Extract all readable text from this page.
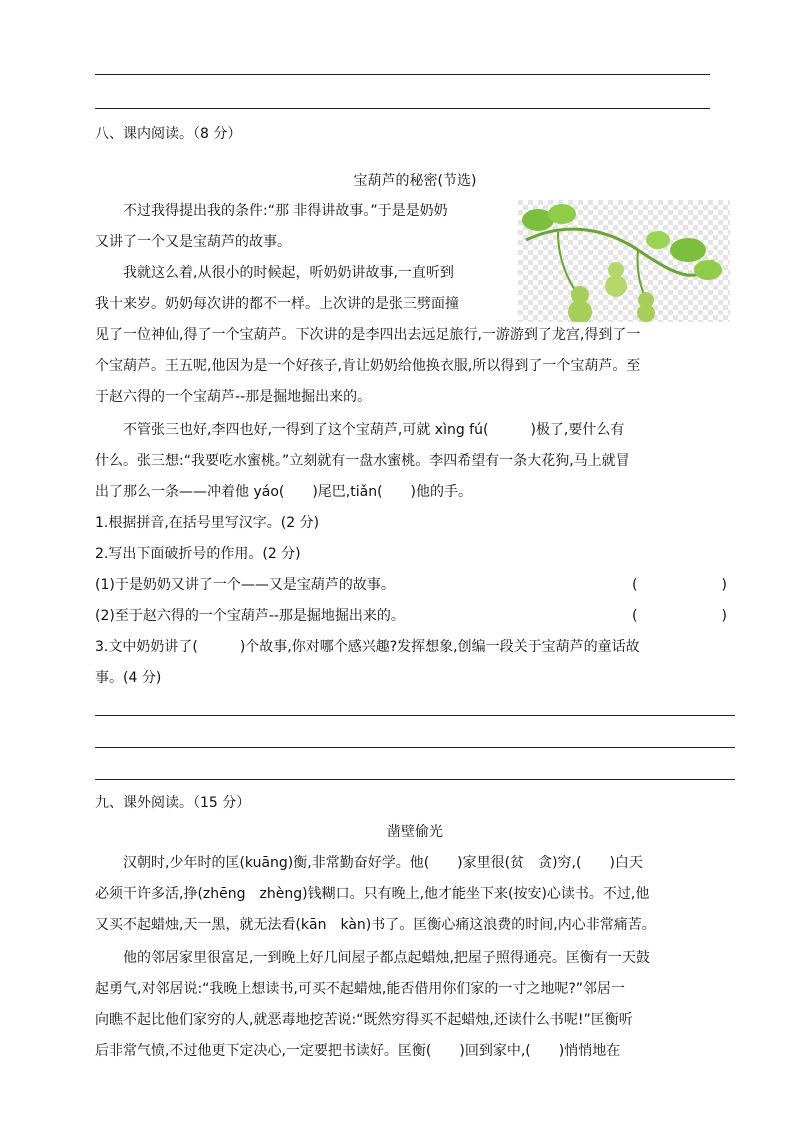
八、课内阅读。（8 分）
宝葫芦的秘密(节选)
　　不过我得提出我的条件:“那 非得讲故事。”于是是奶奶
又讲了一个又是宝葫芦的故事。
　　我就这么着,从很小的时候起，听奶奶讲故事,一直听到
我十来岁。奶奶每次讲的都不一样。上次讲的是张三劈面撞
见了一位神仙,得了一个宝葫芦。下次讲的是李四出去远足旅行,一游游到了龙宫,得到了一
个宝葫芦。王五呢,他因为是一个好孩子,肯让奶奶给他换衣服,所以得到了一个宝葫芦。至
于赵六得的一个宝葫芦--那是掘地掘出来的。
　　不管张三也好,李四也好,一得到了这个宝葫芦,可就 xìng fú(　　　)极了,要什么有
什么。张三想:“我要吃水蜜桃。”立刻就有一盘水蜜桃。李四希望有一条大花狗,马上就冒
出了那么一条——冲着他 yáo(　　)尾巴,tiǎn(　　)他的手。
1.根据拼音,在括号里写汉字。(2 分)
2.写出下面破折号的作用。(2 分)
(1)于是奶奶又讲了一个——又是宝葫芦的故事。	(　　　　　　)
(2)至于赵六得的一个宝葫芦--那是掘地掘出来的。	(　　　　　　)
3.文中奶奶讲了(　　　)个故事,你对哪个感兴趣?发挥想象,创编一段关于宝葫芦的童话故
事。(4 分)
九、课外阅读。（15 分）
凿壁偷光
　　汉朝时,少年时的匡(kuāng)衡,非常勤奋好学。他(　　)家里很(贫　贪)穷,(　　)白天
必须干许多活,挣(zhēng　zhèng)钱糊口。只有晚上,他才能坐下来(按安)心读书。不过,他
又买不起蜡烛,天一黑，就无法看(kān　kàn)书了。匡衡心痛这浪费的时间,内心非常痛苦。
　　他的邻居家里很富足,一到晚上好几间屋子都点起蜡烛,把屋子照得通亮。匡衡有一天鼓
起勇气,对邻居说:“我晚上想读书,可买不起蜡烛,能否借用你们家的一寸之地呢?”邻居一
向瞧不起比他们家穷的人,就恶毒地挖苦说:“既然穷得买不起蜡烛,还读什么书呢!”匡衡听
后非常气愤,不过他更下定决心,一定要把书读好。匡衡(　　)回到家中,(　　)悄悄地在
